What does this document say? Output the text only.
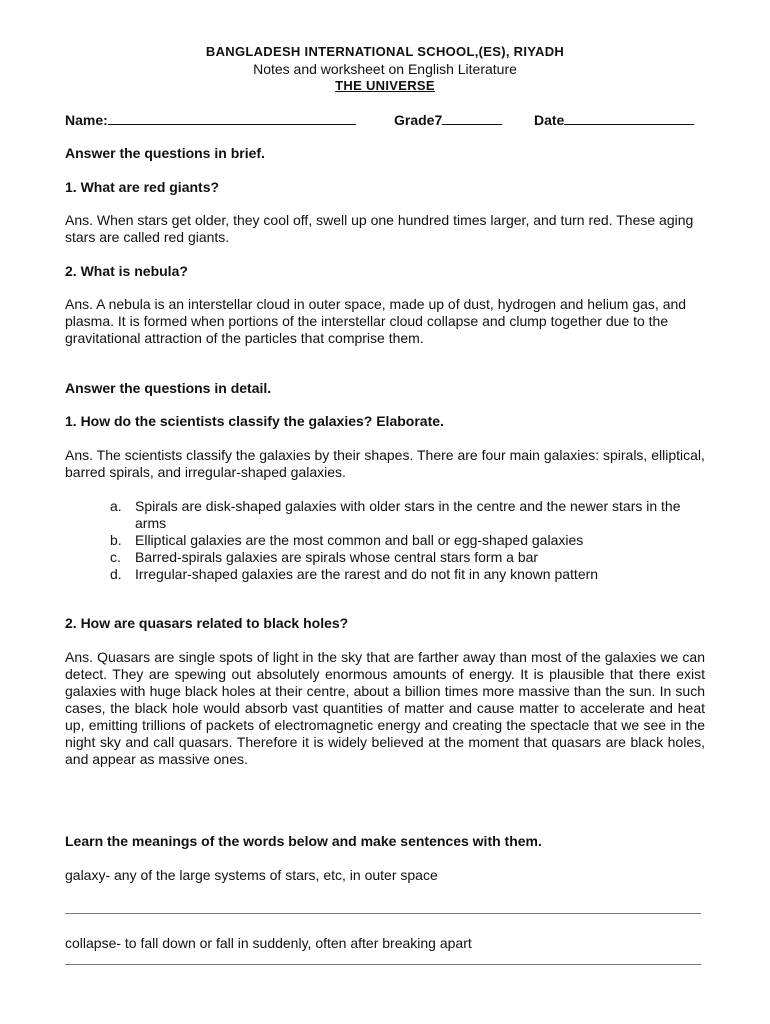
BANGLADESH INTERNATIONAL SCHOOL,(ES), RIYADH
Notes and worksheet on English Literature
THE UNIVERSE
Name:	Grade7	Date
Answer the questions in brief.
1. What are red giants?
Ans. When stars get older, they cool off, swell up one hundred times larger, and turn red. These aging stars are called red giants.
2. What is nebula?
Ans. A nebula is an interstellar cloud in outer space, made up of dust, hydrogen and helium gas, and plasma. It is formed when portions of the interstellar cloud collapse and clump together due to the gravitational attraction of the particles that comprise them.
Answer the questions in detail.
1. How do the scientists classify the galaxies? Elaborate.
Ans. The scientists classify the galaxies by their shapes. There are four main galaxies: spirals, elliptical, barred spirals, and irregular-shaped galaxies.
a. Spirals are disk-shaped galaxies with older stars in the centre and the newer stars in the arms
b. Elliptical galaxies are the most common and ball or egg-shaped galaxies
c. Barred-spirals galaxies are spirals whose central stars form a bar
d. Irregular-shaped galaxies are the rarest and do not fit in any known pattern
2. How are quasars related to black holes?
Ans. Quasars are single spots of light in the sky that are farther away than most of the galaxies we can detect. They are spewing out absolutely enormous amounts of energy. It is plausible that there exist galaxies with huge black holes at their centre, about a billion times more massive than the sun. In such cases, the black hole would absorb vast quantities of matter and cause matter to accelerate and heat up, emitting trillions of packets of electromagnetic energy and creating the spectacle that we see in the night sky and call quasars. Therefore it is widely believed at the moment that quasars are black holes, and appear as massive ones.
Learn the meanings of the words below and make sentences with them.
galaxy- any of the large systems of stars, etc, in outer space
collapse- to fall down or fall in suddenly, often after breaking apart
